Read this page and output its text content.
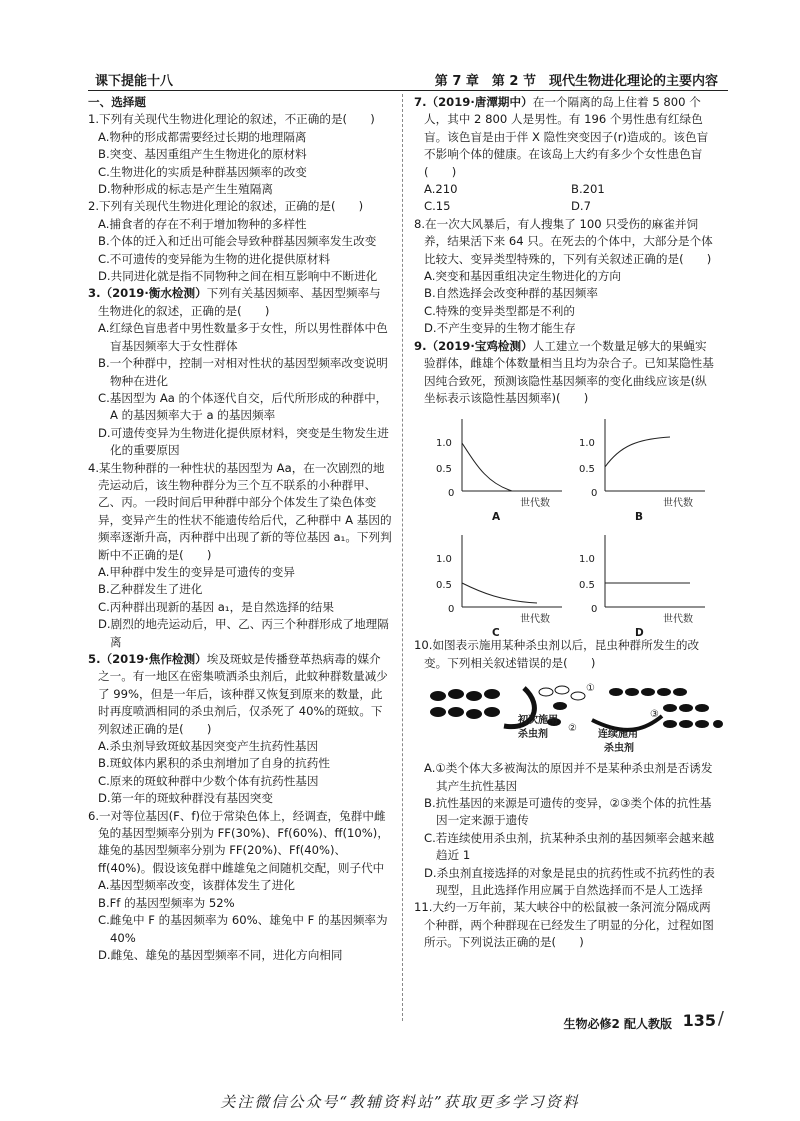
课下提能十八	第 7 章　第 2 节　现代生物进化理论的主要内容
一、选择题
1.下列有关现代生物进化理论的叙述，不正确的是(　　)
A.物种的形成都需要经过长期的地理隔离
B.突变、基因重组产生生物进化的原材料
C.生物进化的实质是种群基因频率的改变
D.物种形成的标志是产生生殖隔离
2.下列有关现代生物进化理论的叙述，正确的是(　　)
A.捕食者的存在不利于增加物种的多样性
B.个体的迁入和迁出可能会导致种群基因频率发生改变
C.不可遗传的变异能为生物的进化提供原材料
D.共同进化就是指不同物种之间在相互影响中不断进化
3.（2019·衡水检测）下列有关基因频率、基因型频率与生物进化的叙述，正确的是(　　)
A.红绿色盲患者中男性数量多于女性，所以男性群体中色盲基因频率大于女性群体
B.一个种群中，控制一对相对性状的基因型频率改变说明物种在进化
C.基因型为 Aa 的个体逐代自交，后代所形成的种群中，A 的基因频率大于 a 的基因频率
D.可遗传变异为生物进化提供原材料，突变是生物发生进化的重要原因
4.某生物种群的一种性状的基因型为 Aa，在一次剧烈的地壳运动后，该生物种群分为三个互不联系的小种群甲、乙、丙。一段时间后甲种群中部分个体发生了染色体变异，变异产生的性状不能遗传给后代，乙种群中 A 基因的频率逐渐升高，丙种群中出现了新的等位基因 a₁。下列判断中不正确的是(　　)
A.甲种群中发生的变异是可遗传的变异
B.乙种群发生了进化
C.丙种群出现新的基因 a₁，是自然选择的结果
D.剧烈的地壳运动后，甲、乙、丙三个种群形成了地理隔离
5.（2019·焦作检测）埃及斑蚊是传播登革热病毒的媒介之一。有一地区在密集喷洒杀虫剂后，此蚊种群数量减少了 99%，但是一年后，该种群又恢复到原来的数量，此时再度喷洒相同的杀虫剂后，仅杀死了 40%的斑蚊。下列叙述正确的是(　　)
A.杀虫剂导致斑蚊基因突变产生抗药性基因
B.斑蚊体内累积的杀虫剂增加了自身的抗药性
C.原来的斑蚊种群中少数个体有抗药性基因
D.第一年的斑蚊种群没有基因突变
6.一对等位基因(F、f)位于常染色体上，经调查，兔群中雌兔的基因型频率分别为 FF(30%)、Ff(60%)、ff(10%)，雄兔的基因型频率分别为 FF(20%)、Ff(40%)、ff(40%)。假设该兔群中雌雄兔之间随机交配，则子代中
A.基因型频率改变，该群体发生了进化
B.Ff 的基因型频率为 52%
C.雌兔中 F 的基因频率为 60%、雄兔中 F 的基因频率为 40%
D.雌兔、雄兔的基因型频率不同，进化方向相同
7.（2019·唐潭期中）在一个隔离的岛上住着 5 800 个人，其中 2 800 人是男性。有 196 个男性患有红绿色盲。该色盲是由于伴 X 隐性突变因子(r)造成的。该色盲不影响个体的健康。在该岛上大约有多少个女性患色盲(　　)
A.210	B.201
C.15	D.7
8.在一次大风暴后，有人搜集了 100 只受伤的麻雀并饲养，结果活下来 64 只。在死去的个体中，大部分是个体比较大、变异类型特殊的，下列有关叙述正确的是(　　)
A.突变和基因重组决定生物进化的方向
B.自然选择会改变种群的基因频率
C.特殊的变异类型都是不利的
D.不产生变异的生物才能生存
9.（2019·宝鸡检测）人工建立一个数量足够大的果蝇实验群体，雌雄个体数量相当且均为杂合子。已知某隐性基因纯合致死，预测该隐性基因频率的变化曲线应该是(纵坐标表示该隐性基因频率)(　　)
1.0
0.5
0
世代数
A
1.0
0.5
0
世代数
B
1.0
0.5
0
世代数
C
1.0
0.5
0
世代数
D
10.如图表示施用某种杀虫剂以后，昆虫种群所发生的改变。下列相关叙述错误的是(　　)
初次施用
杀虫剂	连续施用
杀虫剂
①
②
③
A.①类个体大多被淘汰的原因并不是某种杀虫剂是否诱发其产生抗性基因
B.抗性基因的来源是可遗传的变异，②③类个体的抗性基因一定来源于遗传
C.若连续使用杀虫剂，抗某种杀虫剂的基因频率会越来越趋近 1
D.杀虫剂直接选择的对象是昆虫的抗药性或不抗药性的表现型，且此选择作用应属于自然选择而不是人工选择
11.大约一万年前，某大峡谷中的松鼠被一条河流分隔成两个种群，两个种群现在已经发生了明显的分化，过程如图所示。下列说法正确的是(　　)
生物必修2 配人教版 135 /
关注微信公众号“教辅资料站”获取更多学习资料
